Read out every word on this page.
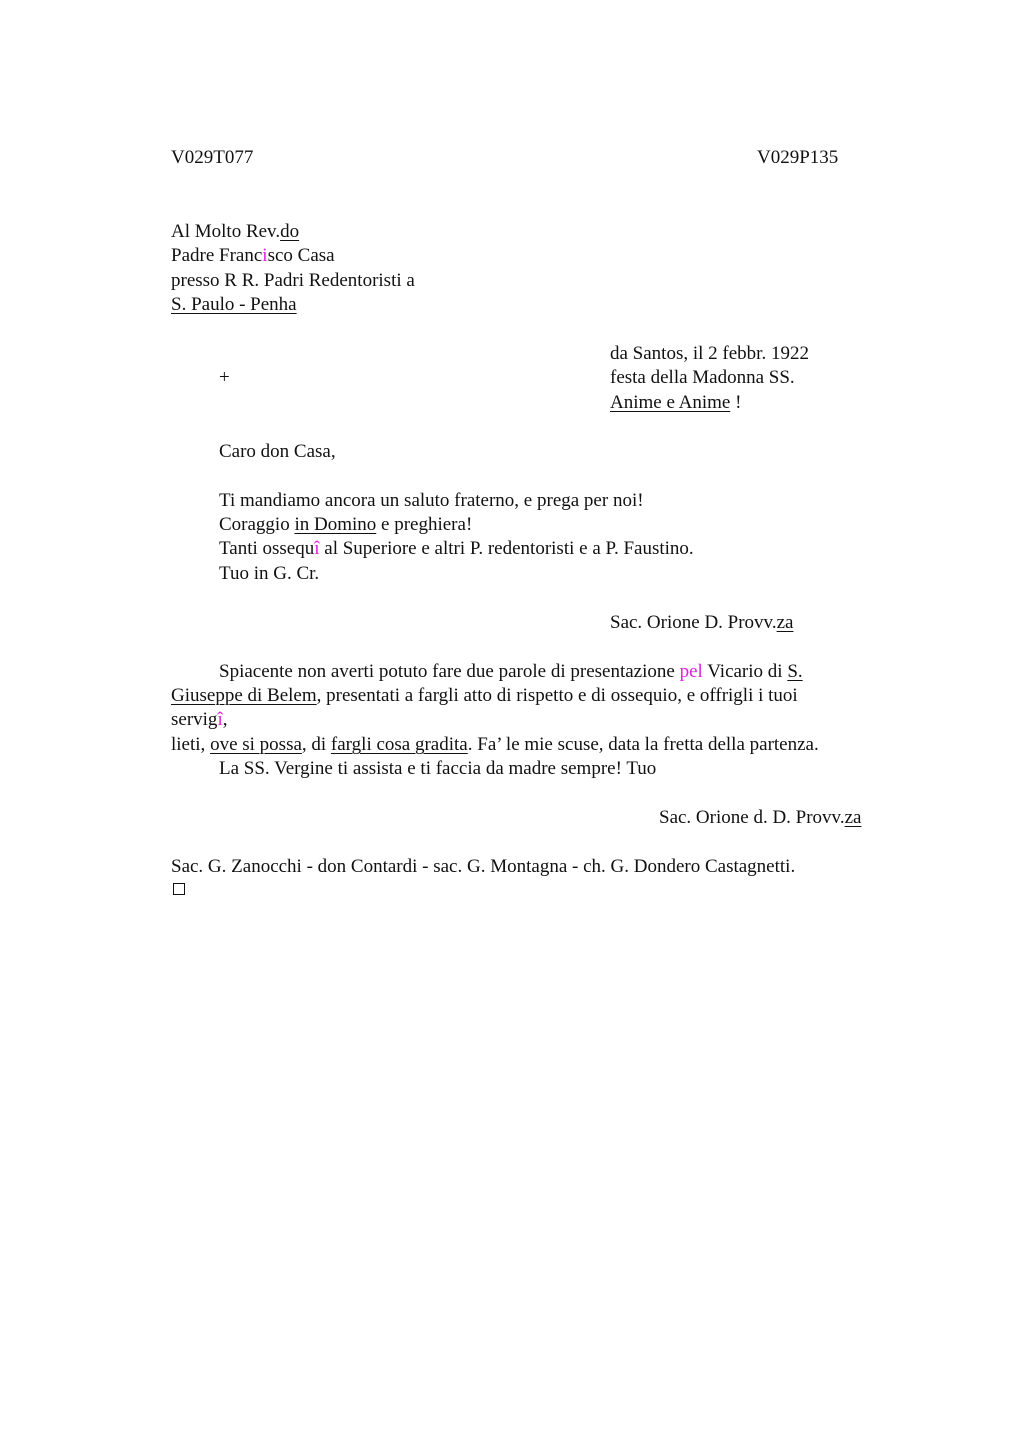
V029T077	V029P135
Al Molto Rev.do
Padre Francisco Casa
presso R R. Padri Redentoristi a
S. Paulo - Penha
da Santos, il 2 febbr. 1922
+	festa della Madonna SS.
Anime e Anime !
Caro don Casa,
Ti mandiamo ancora un saluto fraterno, e prega per noi!
Coraggio in Domino e preghiera!
Tanti ossequî al Superiore e altri P. redentoristi e a P. Faustino.
Tuo in G. Cr.
Sac. Orione D. Provv.za
Spiacente non averti potuto fare due parole di presentazione pel Vicario di S.
Giuseppe di Belem, presentati a fargli atto di rispetto e di ossequio, e offrigli i tuoi
servigî,
lieti, ove si possa, di fargli cosa gradita. Fa’ le mie scuse, data la fretta della partenza.
La SS. Vergine ti assista e ti faccia da madre sempre! Tuo
Sac. Orione d. D. Provv.za
Sac. G. Zanocchi - don Contardi - sac. G. Montagna - ch. G. Dondero Castagnetti.
